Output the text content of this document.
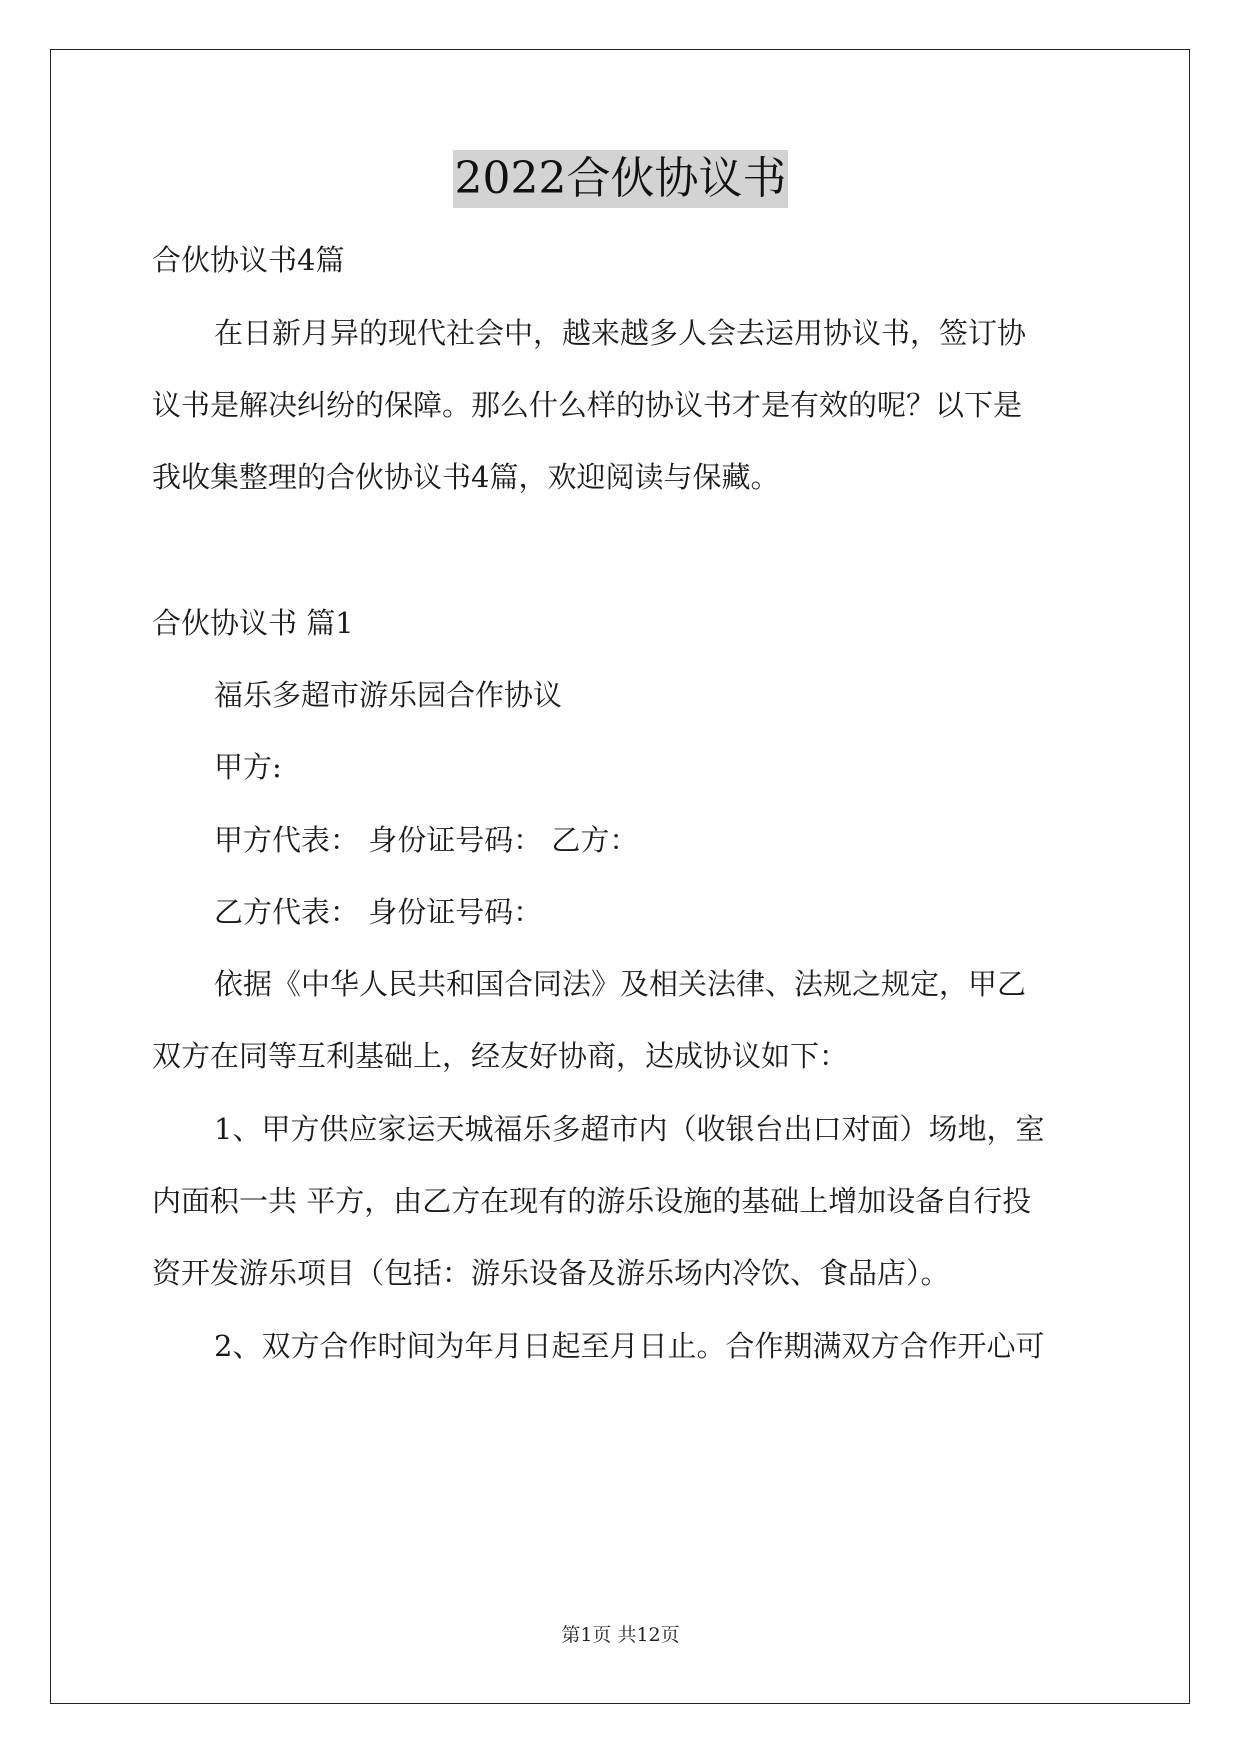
2022合伙协议书
合伙协议书4篇
在日新月异的现代社会中，越来越多人会去运用协议书，签订协
议书是解决纠纷的保障。那么什么样的协议书才是有效的呢？以下是
我收集整理的合伙协议书4篇，欢迎阅读与保藏。
合伙协议书 篇1
福乐多超市游乐园合作协议
甲方:
甲方代表： 身份证号码： 乙方：
乙方代表： 身份证号码：
依据《中华人民共和国合同法》及相关法律、法规之规定，甲乙
双方在同等互利基础上，经友好协商，达成协议如下：
1、甲方供应家运天城福乐多超市内（收银台出口对面）场地，室
内面积一共 平方，由乙方在现有的游乐设施的基础上增加设备自行投
资开发游乐项目（包括：游乐设备及游乐场内冷饮、食品店）。
2、双方合作时间为年月日起至月日止。合作期满双方合作开心可
第1页 共12页
